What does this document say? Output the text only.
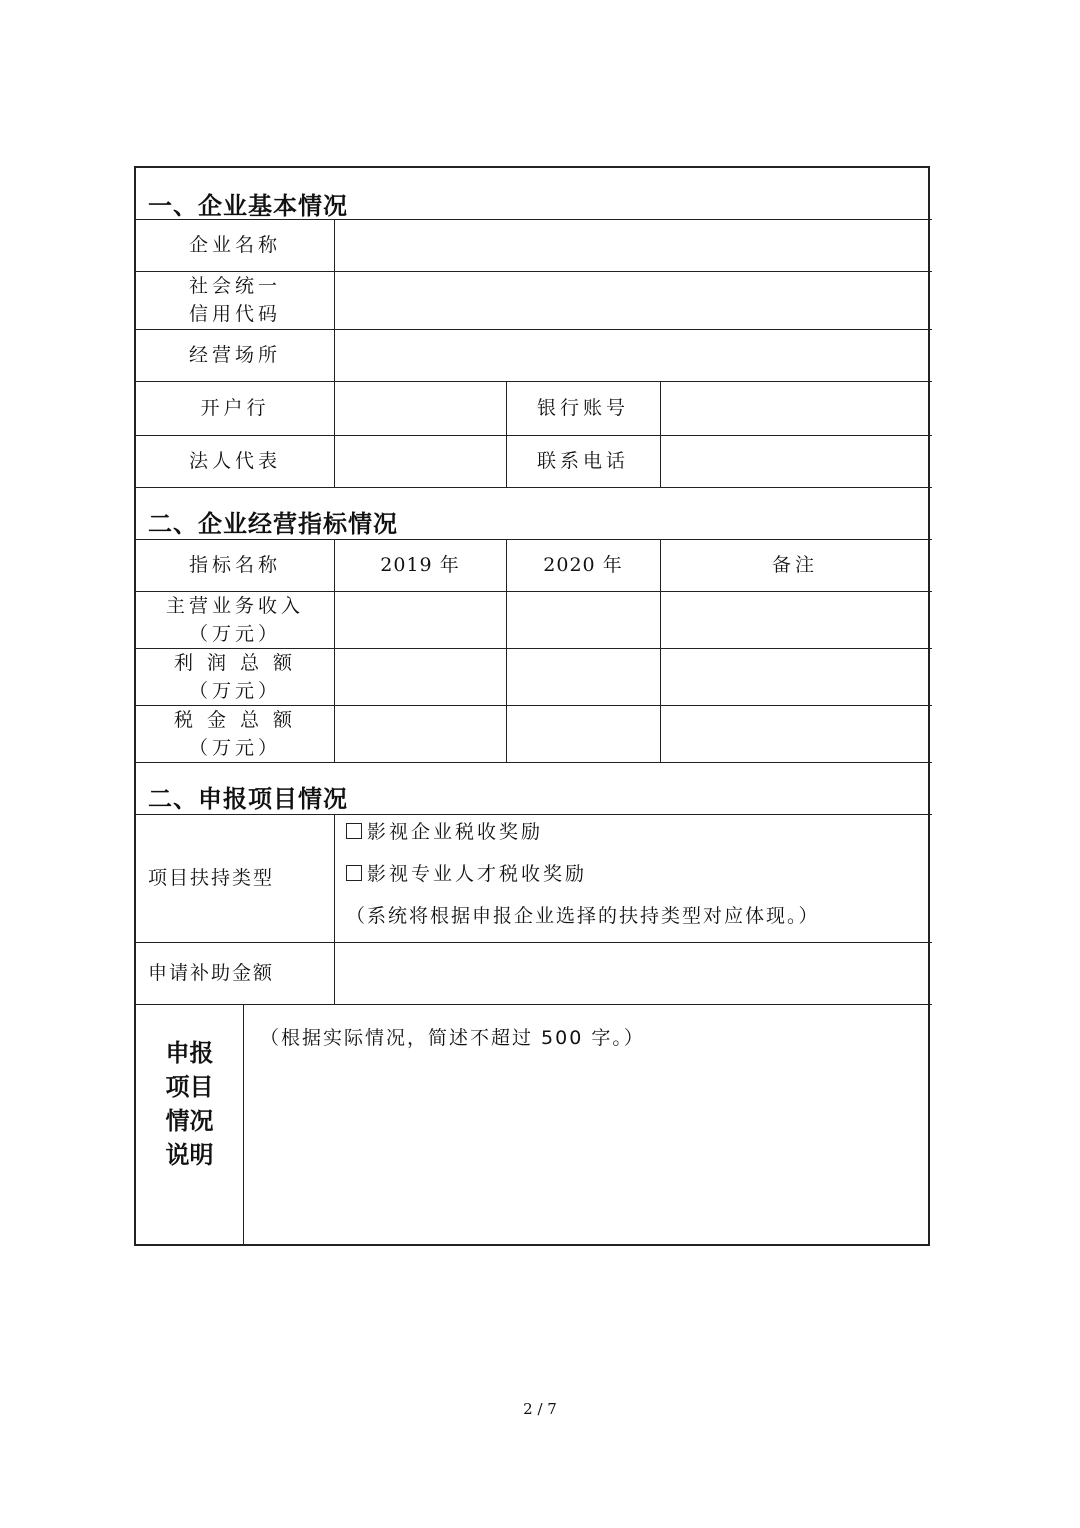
一、企业基本情况
企业名称
社会统一
信用代码
经营场所
开户行	银行账号
法人代表	联系电话
二、企业经营指标情况
指标名称	2019 年	2020 年	备注
主营业务收入
（万元）
利 润 总 额
（万元）
税 金 总 额
（万元）
二、申报项目情况
项目扶持类型
影视企业税收奖励
影视专业人才税收奖励
（系统将根据申报企业选择的扶持类型对应体现。）
申请补助金额
申报
项目
情况
说明
（根据实际情况，简述不超过 500 字。）
2 / 7
